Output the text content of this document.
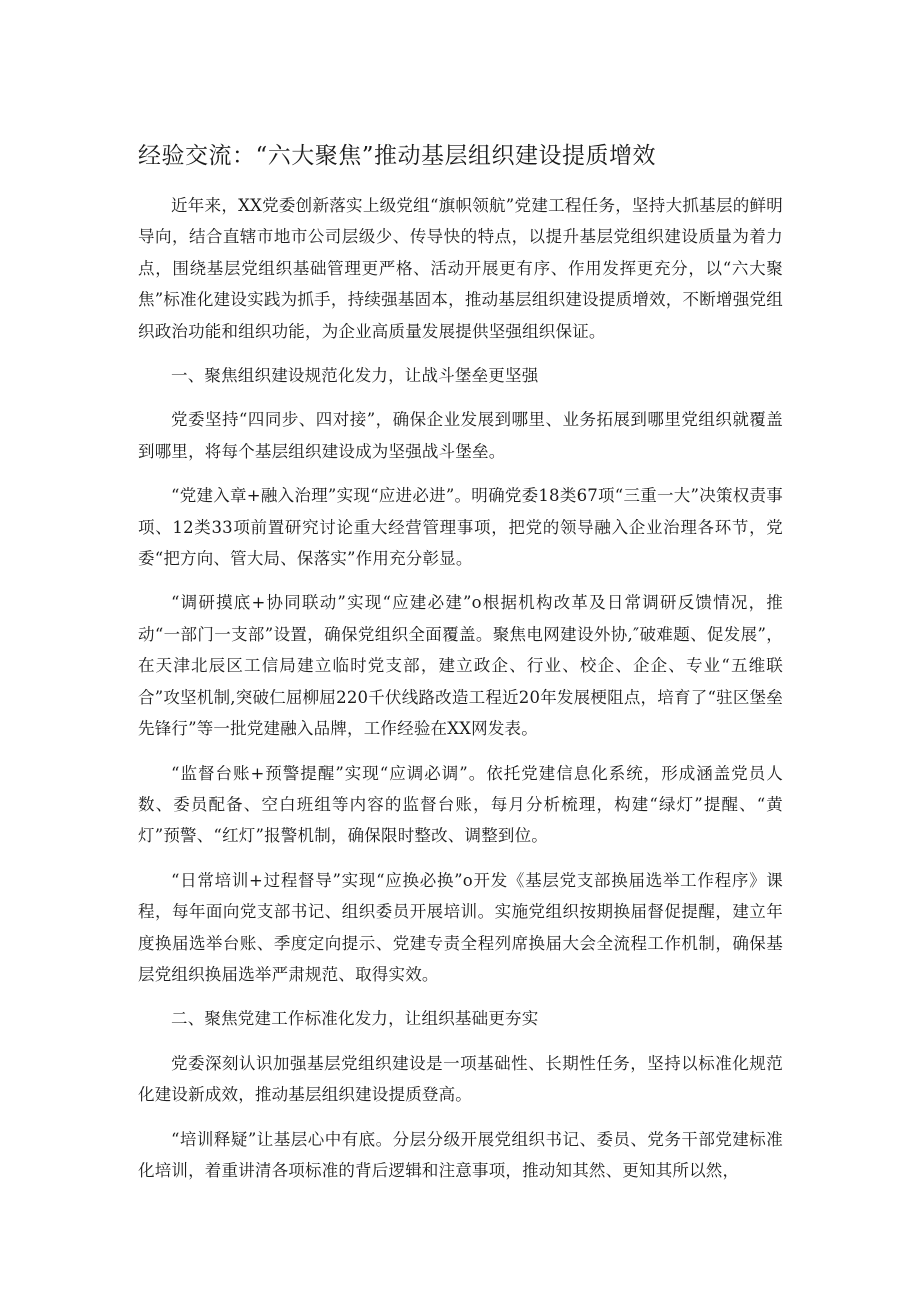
经验交流：“六大聚焦”推动基层组织建设提质增效

近年来，XX党委创新落实上级党组“旗帜领航”党建工程任务，坚持大抓基层的鲜明导向，结合直辖市地市公司层级少、传导快的特点，以提升基层党组织建设质量为着力点，围绕基层党组织基础管理更严格、活动开展更有序、作用发挥更充分，以“六大聚焦”标准化建设实践为抓手，持续强基固本，推动基层组织建设提质增效，不断增强党组织政治功能和组织功能，为企业高质量发展提供坚强组织保证。

一、聚焦组织建设规范化发力，让战斗堡垒更坚强

党委坚持“四同步、四对接”，确保企业发展到哪里、业务拓展到哪里党组织就覆盖到哪里，将每个基层组织建设成为坚强战斗堡垒。

“党建入章+融入治理”实现“应进必进”。明确党委18类67项“三重一大”决策权责事项、12类33项前置研究讨论重大经营管理事项，把党的领导融入企业治理各环节，党委“把方向、管大局、保落实”作用充分彰显。

“调研摸底+协同联动”实现“应建必建”o根据机构改革及日常调研反馈情况，推动“一部门一支部”设置，确保党组织全面覆盖。聚焦电网建设外协,″破难题、促发展”，在天津北辰区工信局建立临时党支部，建立政企、行业、校企、企企、专业“五维联合”攻坚机制,突破仁屈柳屈220千伏线路改造工程近20年发展梗阻点，培育了“驻区堡垒先锋行”等一批党建融入品牌，工作经验在XX网发表。

“监督台账+预警提醒”实现“应调必调”。依托党建信息化系统，形成涵盖党员人数、委员配备、空白班组等内容的监督台账，每月分析梳理，构建“绿灯”提醒、“黄灯”预警、“红灯”报警机制，确保限时整改、调整到位。

“日常培训+过程督导”实现“应换必换”o开发《基层党支部换届选举工作程序》课程，每年面向党支部书记、组织委员开展培训。实施党组织按期换届督促提醒，建立年度换届选举台账、季度定向提示、党建专责全程列席换届大会全流程工作机制，确保基层党组织换届选举严肃规范、取得实效。

二、聚焦党建工作标准化发力，让组织基础更夯实

党委深刻认识加强基层党组织建设是一项基础性、长期性任务，坚持以标准化规范化建设新成效，推动基层组织建设提质登高。

“培训释疑”让基层心中有底。分层分级开展党组织书记、委员、党务干部党建标准化培训，着重讲清各项标准的背后逻辑和注意事项，推动知其然、更知其所以然，
